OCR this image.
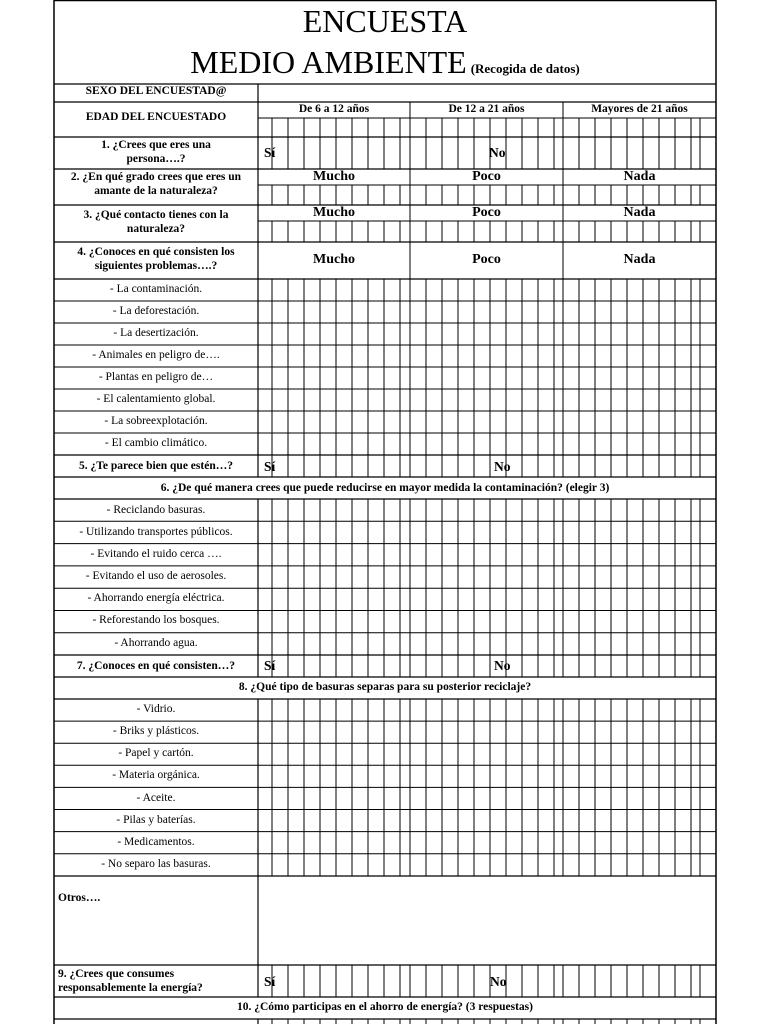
ENCUESTA
MEDIO AMBIENTE (Recogida de datos)
SEXO DEL ENCUESTAD@
EDAD DEL ENCUESTADO
De 6 a 12 años	De 12 a 21 años	Mayores de 21 años
1. ¿Crees que eres una persona….?	Sí	No
2. ¿En qué grado crees que eres un amante de la naturaleza?
Mucho	Poco	Nada
3. ¿Qué contacto tienes con la naturaleza?
Mucho	Poco	Nada
4. ¿Conoces en qué consisten los siguientes problemas….?	Mucho	Poco	Nada
- La contaminación.
- La deforestación.
- La desertización.
- Animales en peligro de….
- Plantas en peligro de…
- El calentamiento global.
- La sobreexplotación.
- El cambio climático.
5. ¿Te parece bien que estén…?	Sí	No
6. ¿De qué manera crees que puede reducirse en mayor medida la contaminación? (elegir 3)
- Reciclando basuras.
- Utilizando transportes públicos.
- Evitando el ruido cerca ….
- Evitando el uso de aerosoles.
- Ahorrando energía eléctrica.
- Reforestando los bosques.
- Ahorrando agua.
7. ¿Conoces en qué consisten…?	Sí	No
8. ¿Qué tipo de basuras separas para su posterior reciclaje?
- Vidrio.
- Briks y plásticos.
- Papel y cartón.
- Materia orgánica.
- Aceite.
- Pilas y baterías.
- Medicamentos.
- No separo las basuras.
Otros….
9. ¿Crees que consumes responsablemente la energía?	Sí	No
10. ¿Cómo participas en el ahorro de energía? (3 respuestas)
